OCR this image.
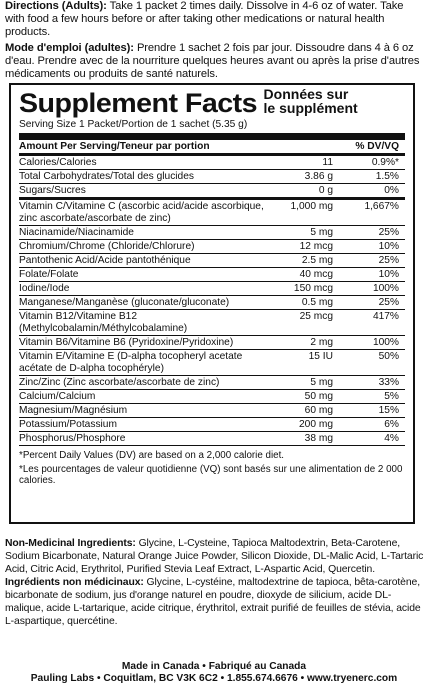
Directions (Adults): Take 1 packet 2 times daily. Dissolve in 4-6 oz of water. Take with food a few hours before or after taking other medications or natural health products.

Mode d'emploi (adultes): Prendre 1 sachet 2 fois par jour. Dissoudre dans 4 à 6 oz d'eau. Prendre avec de la nourriture quelques heures avant ou après la prise d'autres médicaments ou produits de santé naturels.

Supplement Facts Données sur
le supplément
Serving Size 1 Packet/Portion de 1 sachet (5.35 g)
Amount Per Serving/Teneur par portion	% DV/VQ
Calories/Calories	11	0.9%*
Total Carbohydrates/Total des glucides	3.86 g	1.5%
Sugars/Sucres	0 g	0%
Vitamin C/Vitamine C (ascorbic acid/acide ascorbique, zinc ascorbate/ascorbate de zinc)
1,000 mg	1,667%
Niacinamide/Niacinamide	5 mg	25%
Chromium/Chrome (Chloride/Chlorure)	12 mcg	10%
Pantothenic Acid/Acide pantothénique	2.5 mg	25%
Folate/Folate	40 mcg	10%
Iodine/Iode	150 mcg	100%
Manganese/Manganèse (gluconate/gluconate)	0.5 mg	25%
Vitamin B12/Vitamine B12 (Methylcobalamin/Méthylcobalamine)
25 mcg	417%
Vitamin B6/Vitamine B6 (Pyridoxine/Pyridoxine)	2 mg	100%
Vitamin E/Vitamine E (D-alpha tocopheryl acetate acétate de D-alpha tocophéryle)
15 IU	50%
Zinc/Zinc (Zinc ascorbate/ascorbate de zinc)	5 mg	33%
Calcium/Calcium	50 mg	5%
Magnesium/Magnésium	60 mg	15%
Potassium/Potassium	200 mg	6%
Phosphorus/Phosphore	38 mg	4%

*Percent Daily Values (DV) are based on a 2,000 calorie diet.

*Les pourcentages de valeur quotidienne (VQ) sont basés sur une alimentation de 2 000 calories.

Non-Medicinal Ingredients: Glycine, L-Cysteine, Tapioca Maltodextrin, Beta-Carotene, Sodium Bicarbonate, Natural Orange Juice Powder, Silicon Dioxide, DL-Malic Acid, L-Tartaric Acid, Citric Acid, Erythritol, Purified Stevia Leaf Extract, L-Aspartic Acid, Quercetin.

Ingrédients non médicinaux: Glycine, L-cystéine, maltodextrine de tapioca, bêta-carotène, bicarbonate de sodium, jus d'orange naturel en poudre, dioxyde de silicium, acide DL-malique, acide L-tartarique, acide citrique, érythritol, extrait purifié de feuilles de stévia, acide L-aspartique, quercétine.

Made in Canada • Fabriqué au Canada

Pauling Labs • Coquitlam, BC V3K 6C2 • 1.855.674.6676 • www.tryenerc.com
